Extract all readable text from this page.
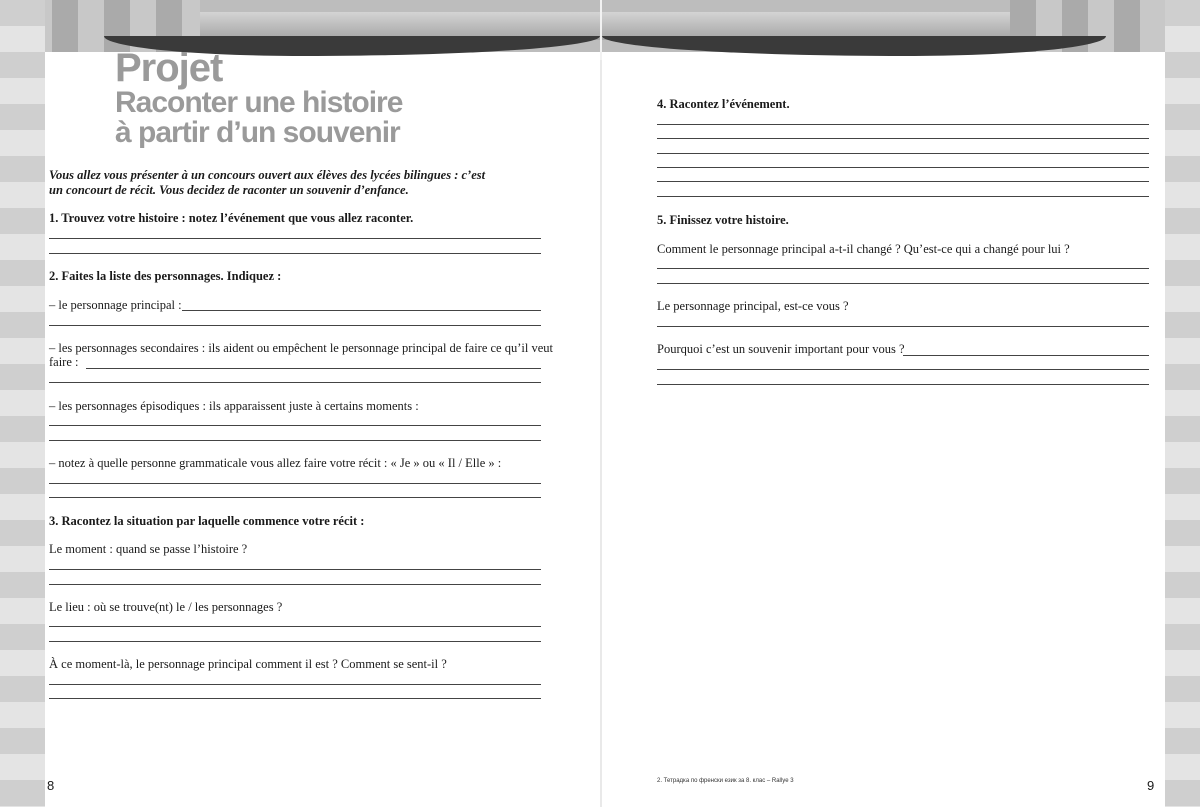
Projet
Raconter une histoire
à partir d’un souvenir
Vous allez vous présenter à un concours ouvert aux élèves des lycées bilingues : c’est un concourt de récit. Vous decidez de raconter un souvenir d’enfance.
1. Trouvez votre histoire : notez l’événement que vous allez raconter.
2. Faites la liste des personnages. Indiquez :
– le personnage principal :
– les personnages secondaires : ils aident ou empêchent le personnage principal de faire ce qu’il veut
faire :
– les personnages épisodiques : ils apparaissent juste à certains moments :
– notez à quelle personne grammaticale vous allez faire votre récit : « Je » ou « Il / Elle » :
3. Racontez la situation par laquelle commence votre récit :
Le moment : quand se passe l’histoire ?
Le lieu : où se trouve(nt) le / les personnages ?
À ce moment-là, le personnage principal comment il est ? Comment se sent-il ?
8
4. Racontez l’événement.
5. Finissez votre histoire.
Comment le personnage principal a-t-il changé ? Qu’est-ce qui a changé pour lui ?
Le personnage principal, est-ce vous ?
Pourquoi c’est un souvenir important pour vous ?
2. Тетрадка по френски език за 8. клас – Rallye 3	9
